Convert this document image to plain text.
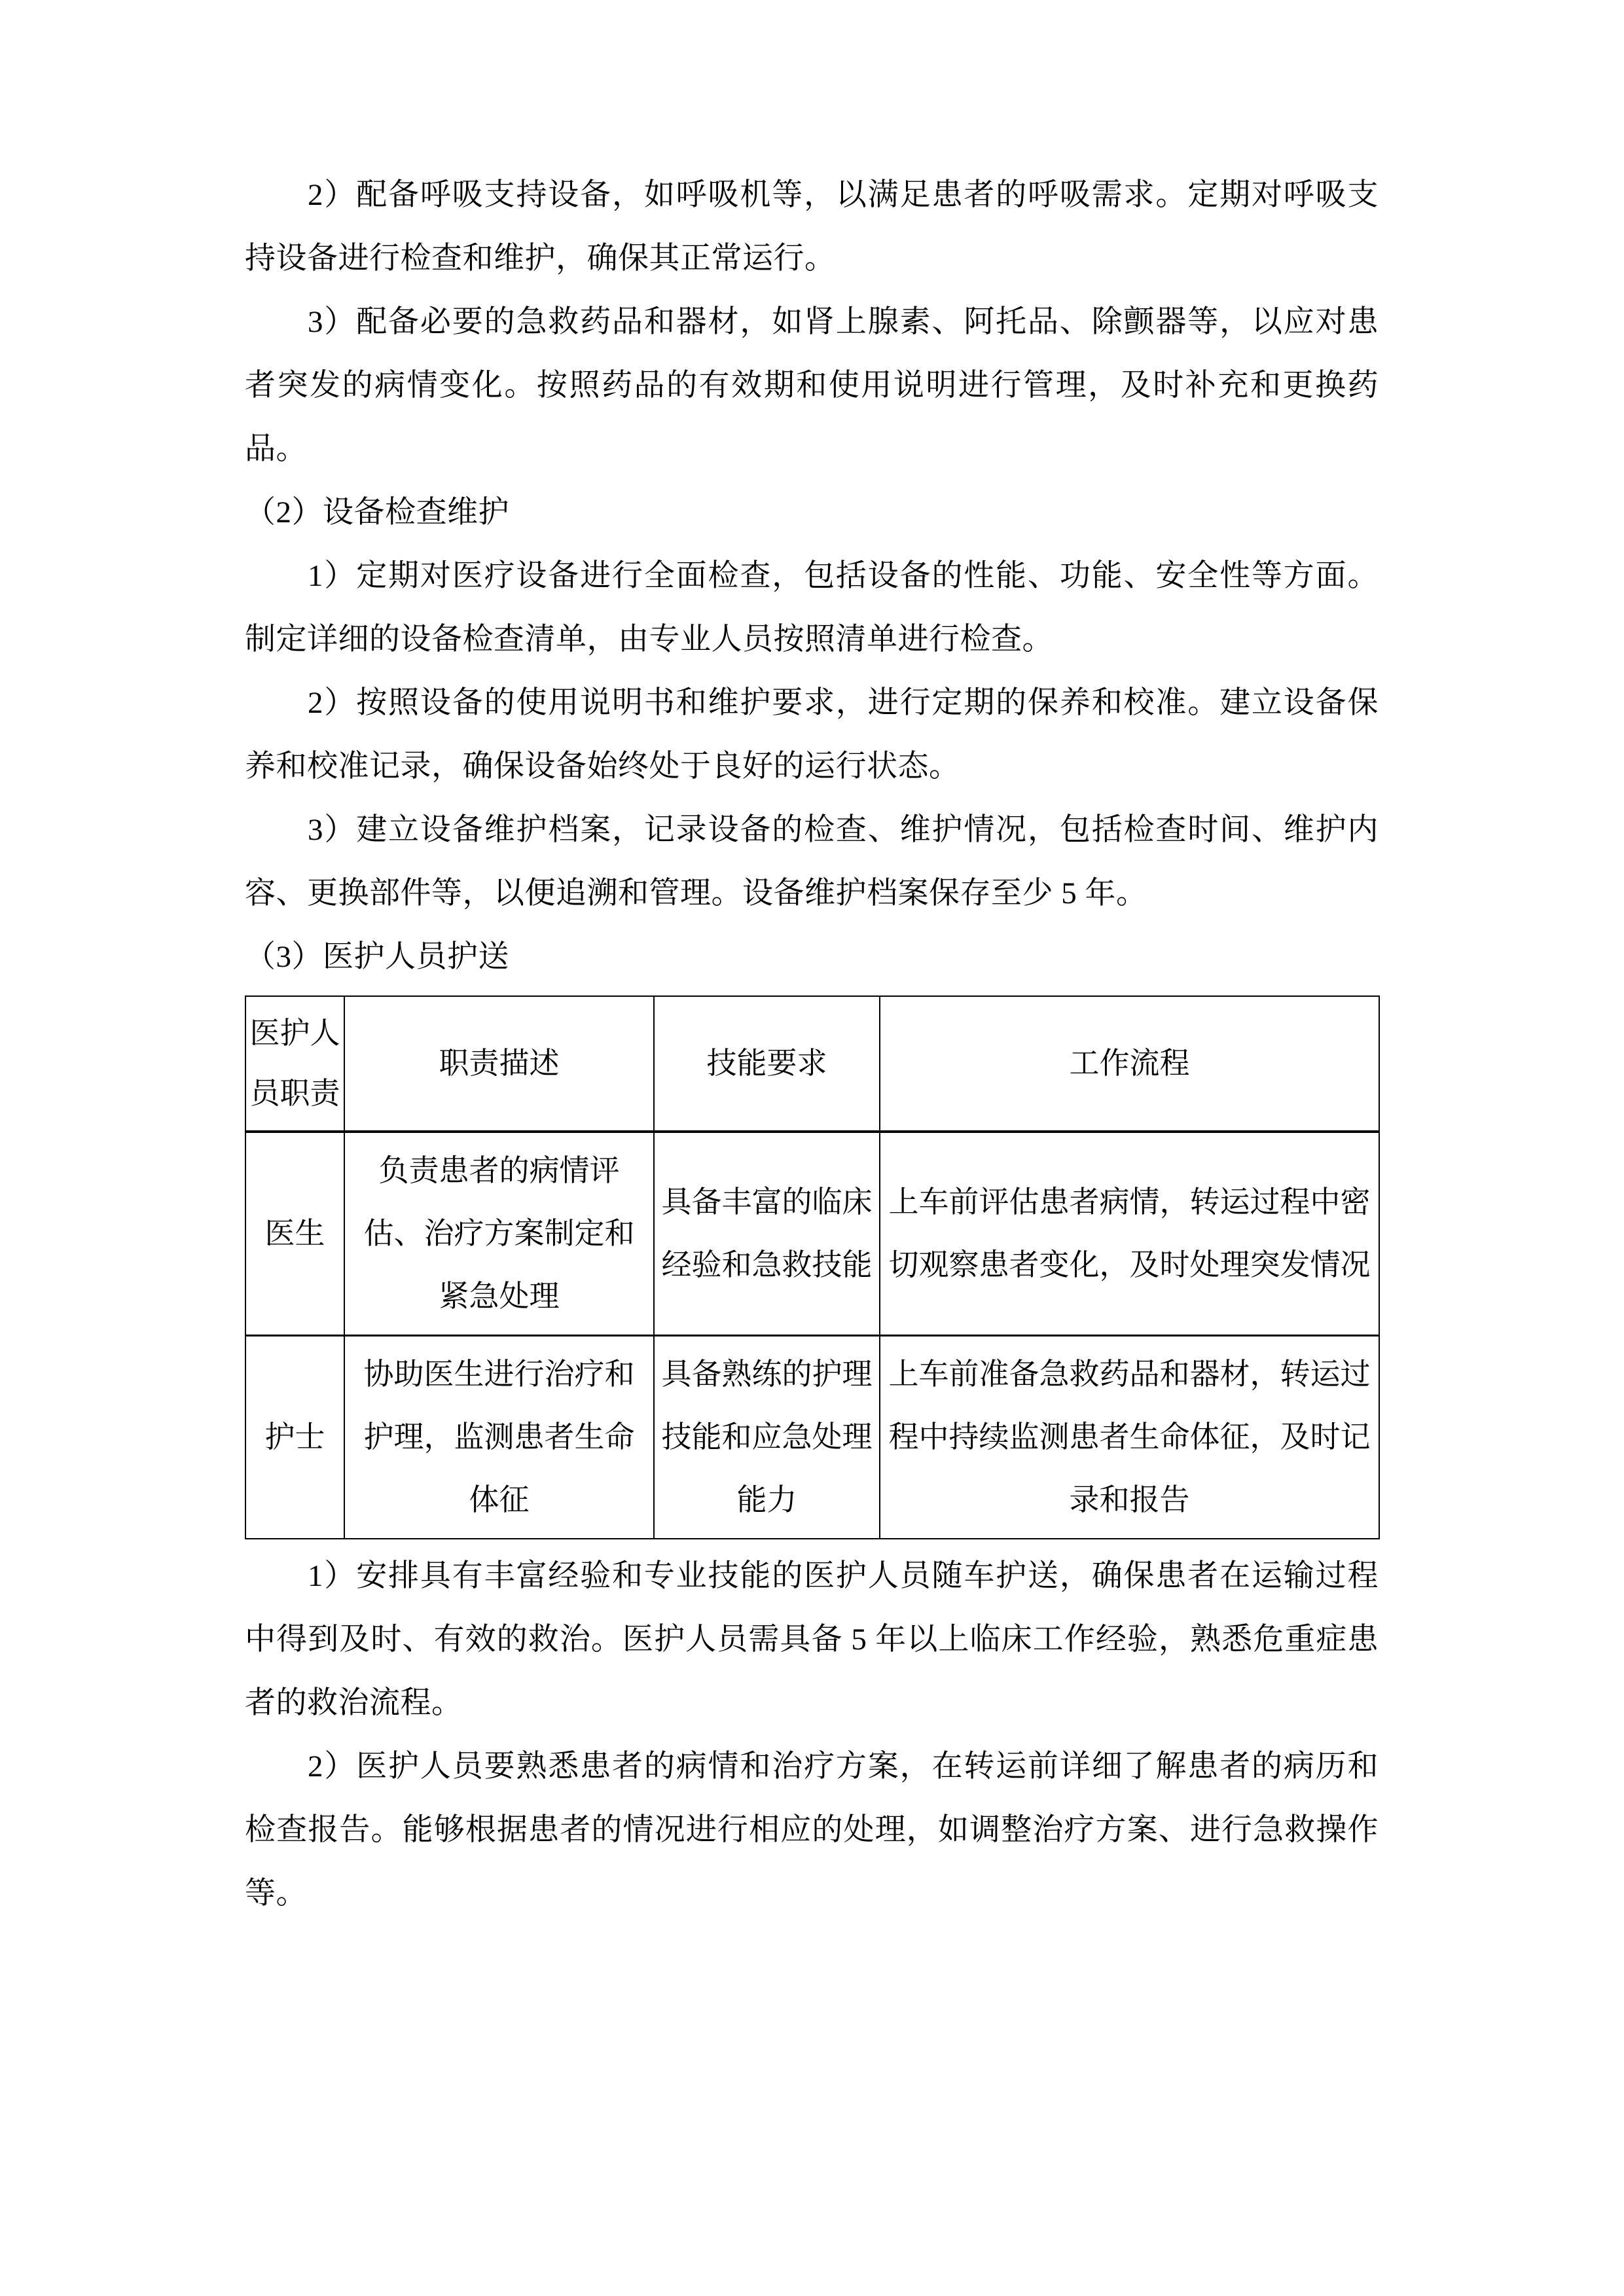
2）配备呼吸支持设备，如呼吸机等，以满足患者的呼吸需求。定期对呼吸支持设备进行检查和维护，确保其正常运行。

3）配备必要的急救药品和器材，如肾上腺素、阿托品、除颤器等，以应对患者突发的病情变化。按照药品的有效期和使用说明进行管理，及时补充和更换药品。

（2）设备检查维护

1）定期对医疗设备进行全面检查，包括设备的性能、功能、安全性等方面。制定详细的设备检查清单，由专业人员按照清单进行检查。

2）按照设备的使用说明书和维护要求，进行定期的保养和校准。建立设备保养和校准记录，确保设备始终处于良好的运行状态。

3）建立设备维护档案，记录设备的检查、维护情况，包括检查时间、维护内容、更换部件等，以便追溯和管理。设备维护档案保存至少 5 年。

（3）医护人员护送

医护人员职责	职责描述	技能要求	工作流程
医生	负责患者的病情评估、治疗方案制定和紧急处理	具备丰富的临床经验和急救技能	上车前评估患者病情，转运过程中密切观察患者变化，及时处理突发情况
护士	协助医生进行治疗和护理，监测患者生命体征	具备熟练的护理技能和应急处理能力	上车前准备急救药品和器材，转运过程中持续监测患者生命体征，及时记录和报告

1）安排具有丰富经验和专业技能的医护人员随车护送，确保患者在运输过程中得到及时、有效的救治。医护人员需具备 5 年以上临床工作经验，熟悉危重症患者的救治流程。

2）医护人员要熟悉患者的病情和治疗方案，在转运前详细了解患者的病历和检查报告。能够根据患者的情况进行相应的处理，如调整治疗方案、进行急救操作等。
